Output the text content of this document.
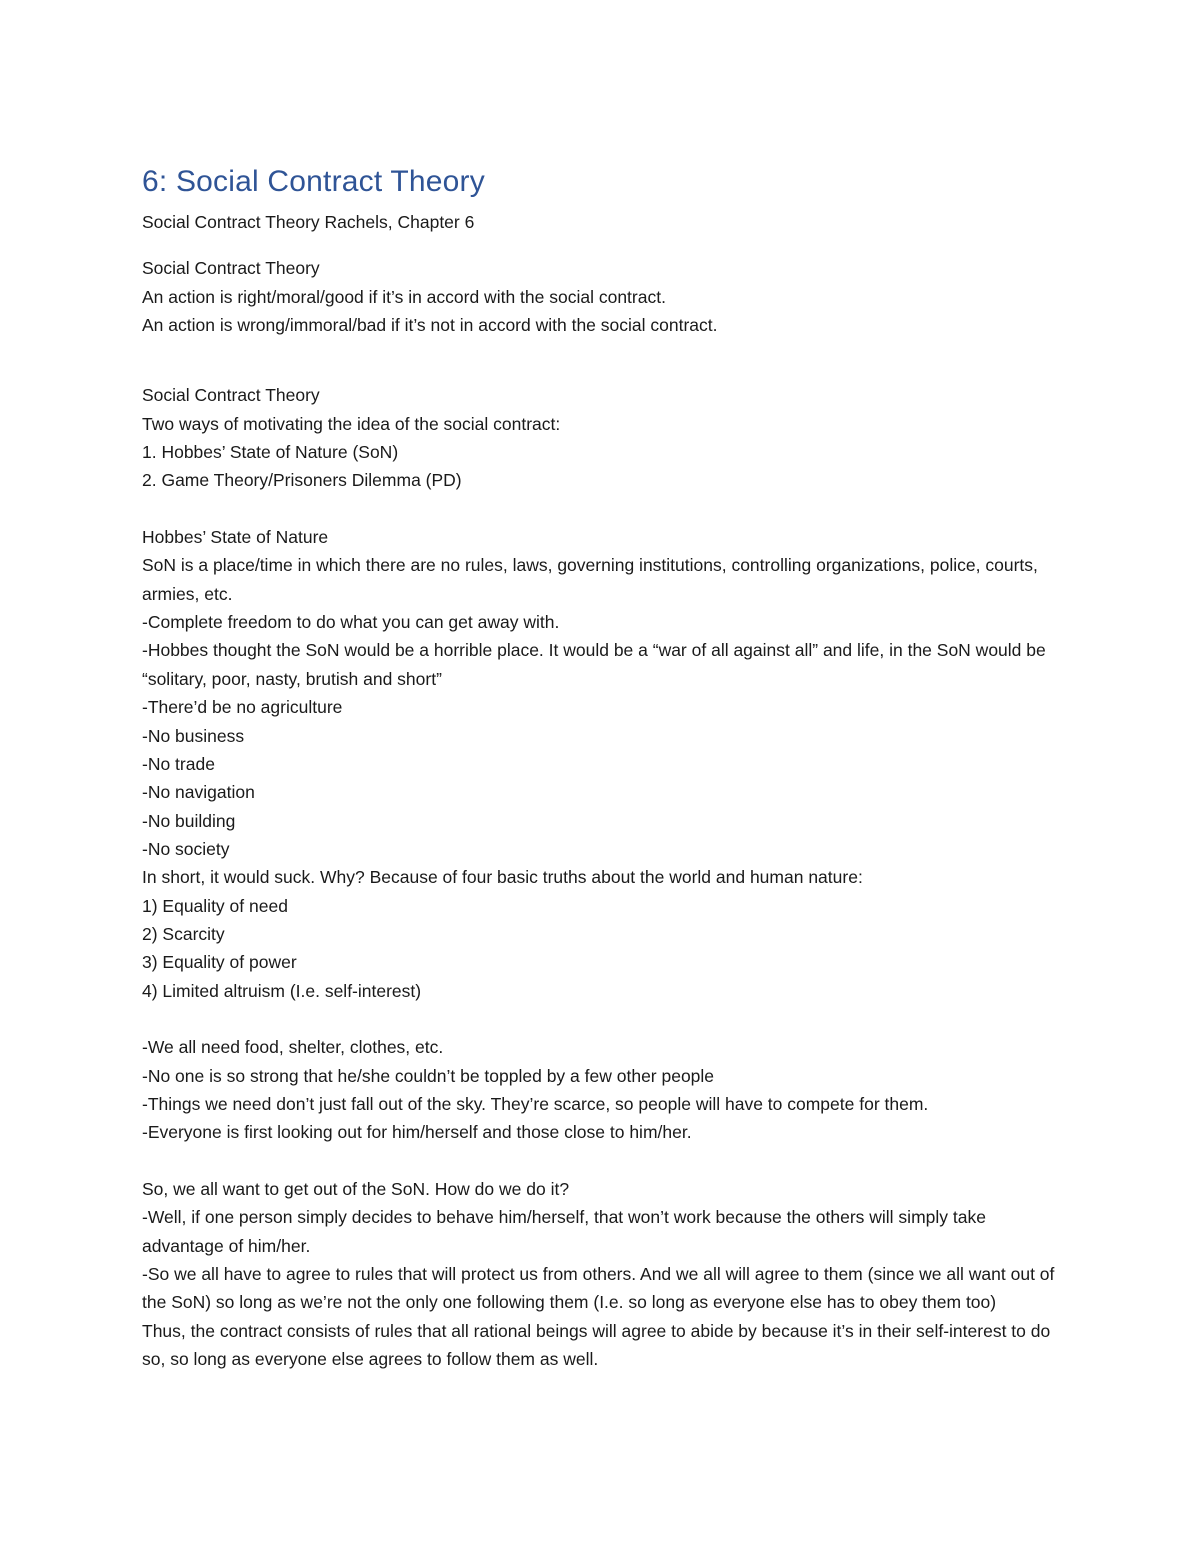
6: Social Contract Theory

Social Contract Theory Rachels, Chapter 6

Social Contract Theory
An action is right/moral/good if it’s in accord with the social contract.
An action is wrong/immoral/bad if it’s not in accord with the social contract.
Social Contract Theory
Two ways of motivating the idea of the social contract:
1. Hobbes’ State of Nature (SoN)
2. Game Theory/Prisoners Dilemma (PD)
Hobbes’ State of Nature
SoN is a place/time in which there are no rules, laws, governing institutions, controlling organizations, police, courts, armies, etc.
-Complete freedom to do what you can get away with.
-Hobbes thought the SoN would be a horrible place. It would be a “war of all against all” and life, in the SoN would be “solitary, poor, nasty, brutish and short”
-There’d be no agriculture
-No business
-No trade
-No navigation
-No building
-No society
In short, it would suck. Why? Because of four basic truths about the world and human nature:
1) Equality of need
2) Scarcity
3) Equality of power
4) Limited altruism (I.e. self-interest)
-We all need food, shelter, clothes, etc.
-No one is so strong that he/she couldn’t be toppled by a few other people
-Things we need don’t just fall out of the sky. They’re scarce, so people will have to compete for them.
-Everyone is first looking out for him/herself and those close to him/her.
So, we all want to get out of the SoN. How do we do it?
-Well, if one person simply decides to behave him/herself, that won’t work because the others will simply take advantage of him/her.
-So we all have to agree to rules that will protect us from others. And we all will agree to them (since we all want out of the SoN) so long as we’re not the only one following them (I.e. so long as everyone else has to obey them too)
Thus, the contract consists of rules that all rational beings will agree to abide by because it’s in their self-interest to do so, so long as everyone else agrees to follow them as well.
